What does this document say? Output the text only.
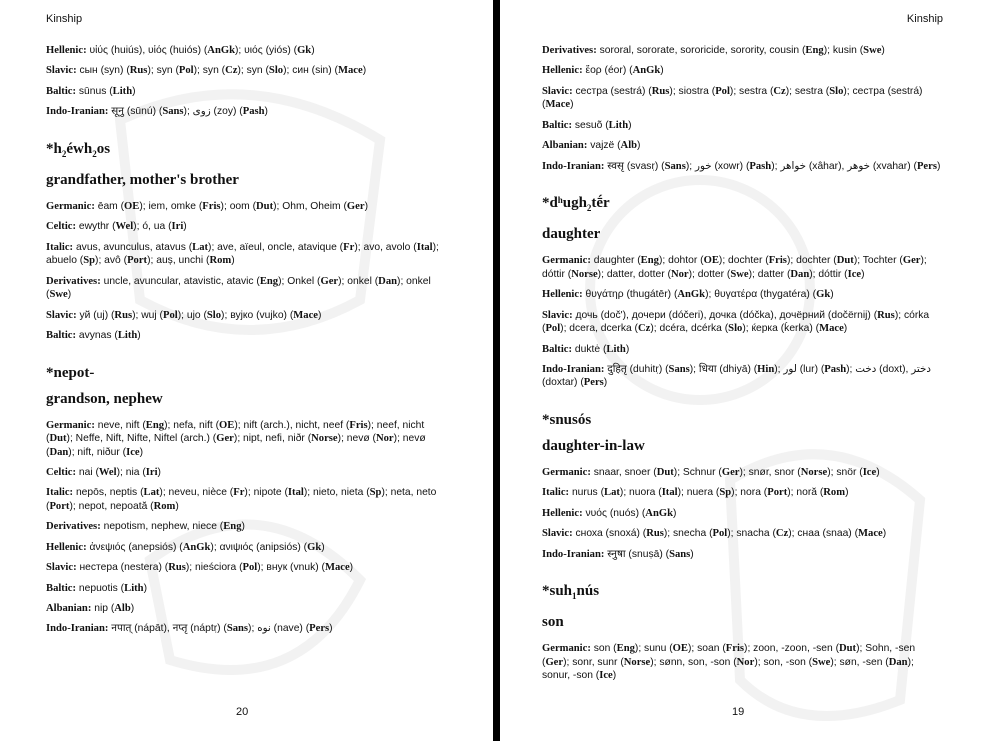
Kinship
Hellenic : υἱύς (huiús), υἱός (huiós) (AnGk); υιός (yiós) (Gk)
Slavic : сын (syn) (Rus); syn (Pol); syn (Cz); syn (Slo); син (sin) (Mace)
Baltic : sūnus (Lith)
Indo-Iranian : सूनु (sūnú) (Sans); زوی (zoy) (Pash)
$*h_2éwh_2os$
grandfather, mother's brother
Germanic : ēam (OE); iem, omke (Fris); oom (Dut); Ohm, Oheim (Ger)
Celtic : ewythr (Wel); ó, ua (Iri)
Italic : avus, avunculus, atavus (Lat); ave, aïeul, oncle, atavique (Fr); avo, avolo (Ital); abuelo (Sp); avô (Port); auș, unchi (Rom)
Derivatives : uncle, avuncular, atavistic, atavic (Eng); Onkel (Ger); onkel (Dan); onkel (Swe)
Slavic : уй (uj) (Rus); wuj (Pol); ujo (Slo); вујко (vujko) (Mace)
Baltic : avynas (Lith)
*nepot-
grandson, nephew
Germanic : neve, nift (Eng); nefa, nift (OE); nift (arch.), nicht, neef (Fris); neef, nicht (Dut); Neffe, Nift, Nifte, Niftel (arch.) (Ger); nipt, nefi, niðr (Norse); nevø (Nor); nevø (Dan); nift, niður (Ice)
Celtic : nai (Wel); nia (Iri)
Italic : nepōs, neptis (Lat); neveu, nièce (Fr); nipote (Ital); nieto, nieta (Sp); neta, neto (Port); nepot, nepoată (Rom)
Derivatives : nepotism, nephew, niece (Eng)
Hellenic : ἀνεψιός (anepsiós) (AnGk); ανιψιός (anipsiós) (Gk)
Slavic : нестера (nestera) (Rus); nieściora (Pol); внук (vnuk) (Mace)
Baltic : nepuotis (Lith)
Albanian : nip (Alb)
Indo-Iranian : नपात् (nápāt), नप्तृ (náptṛ) (Sans); نوه (nave) (Pers)
20
Kinship
Derivatives : sororal, sororate, sororicide, sorority, cousin (Eng); kusin (Swe)
Hellenic : ἔορ (éor) (AnGk)
Slavic : сестра (sestrá) (Rus); siostra (Pol); sestra (Cz); sestra (Slo); сестра (sestrá) (Mace)
Baltic : sesuõ (Lith)
Albanian : vajzë (Alb)
Indo-Iranian : स्वसृ (svasṛ) (Sans); خور (xowr) (Pash); خواهر (xâhar), خوهر (xvahar) (Pers)
*dʰugh$_2$tḗr
daughter
Germanic : daughter (Eng); dohtor (OE); dochter (Fris); dochter (Dut); Tochter (Ger); dóttir (Norse); datter, dotter (Nor); dotter (Swe); datter (Dan); dóttir (Ice)
Hellenic : θυγάτηρ (thugátēr) (AnGk); θυγατέρα (thygatéra) (Gk)
Slavic : дочь (doč'), дочери (dóčeri), дочка (dóčka), дочёрний (dočërnij) (Rus); córka (Pol); dcera, dcerka (Cz); dcéra, dcérka (Slo); ќерка (ḱerka) (Mace)
Baltic : duktė (Lith)
Indo-Iranian : दुहितृ (duhitṛ) (Sans); धिया (dhiyā) (Hin); لور (lur) (Pash); دخت (doxt), دختر (doxtar) (Pers)
*snusós
daughter-in-law
Germanic : snaar, snoer (Dut); Schnur (Ger); snør, snor (Norse); snör (Ice)
Italic : nurus (Lat); nuora (Ital); nuera (Sp); nora (Port); noră (Rom)
Hellenic : νυός (nuós) (AnGk)
Slavic : сноха (snoxá) (Rus); snecha (Pol); snacha (Cz); снаа (snaa) (Mace)
Indo-Iranian : स्नुषा (snuṣā) (Sans)
*suh$_1$nús
son
Germanic : son (Eng); sunu (OE); soan (Fris); zoon, -zoon, -sen (Dut); Sohn, -sen (Ger); sonr, sunr (Norse); sønn, son, -son (Nor); son, -son (Swe); søn, -sen (Dan); sonur, -son (Ice)
19
